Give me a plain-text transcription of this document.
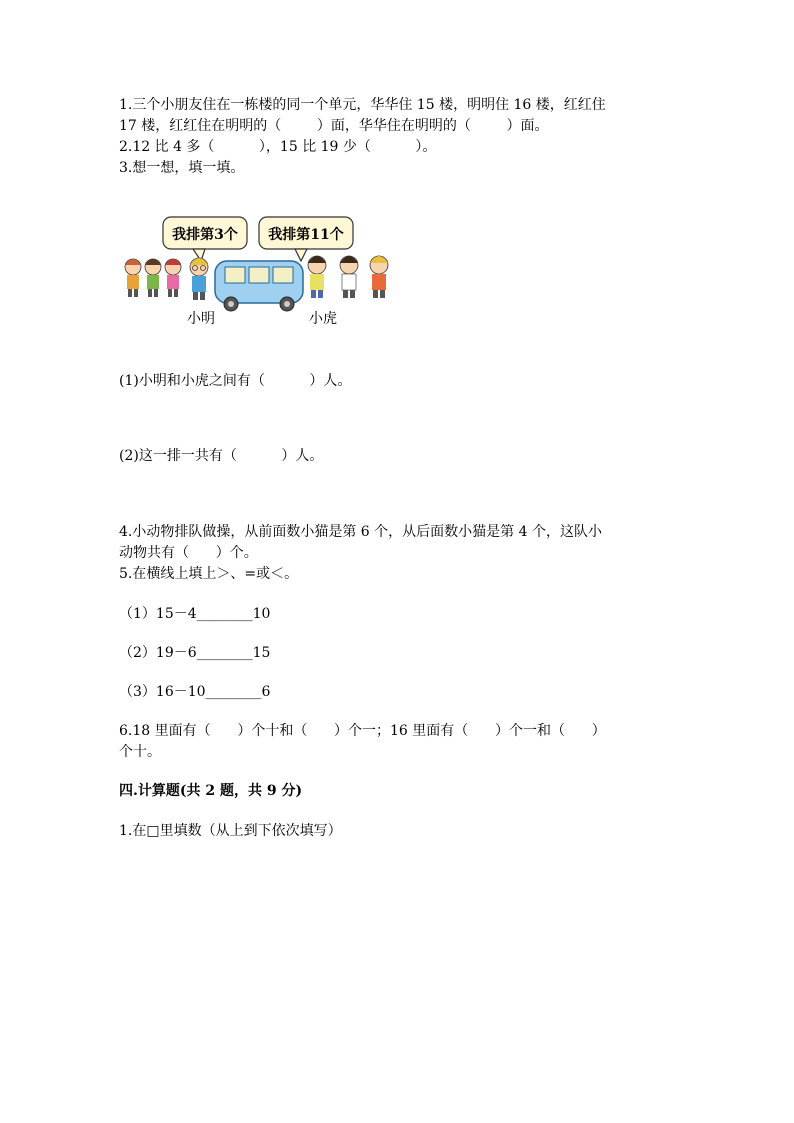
1.三个小朋友住在一栋楼的同一个单元，华华住 15 楼，明明住 16 楼，红红住
17 楼，红红住在明明的（        ）面，华华住在明明的（        ）面。
2.12 比 4 多（          ），15 比 19 少（          ）。
3.想一想，填一填。
我排第3个 我排第11个
小明	小虎
(1)小明和小虎之间有（          ）人。
(2)这一排一共有（          ）人。
4.小动物排队做操，从前面数小猫是第 6 个，从后面数小猫是第 4 个，这队小
动物共有（      ）个。
5.在横线上填上＞、=或＜。
（1）15－4________10
（2）19－6________15
（3）16－10________6
6.18 里面有（      ）个十和（      ）个一；16 里面有（      ）个一和（      ）
个十。
四.计算题(共 2 题，共 9 分)
1.在□里填数（从上到下依次填写）
